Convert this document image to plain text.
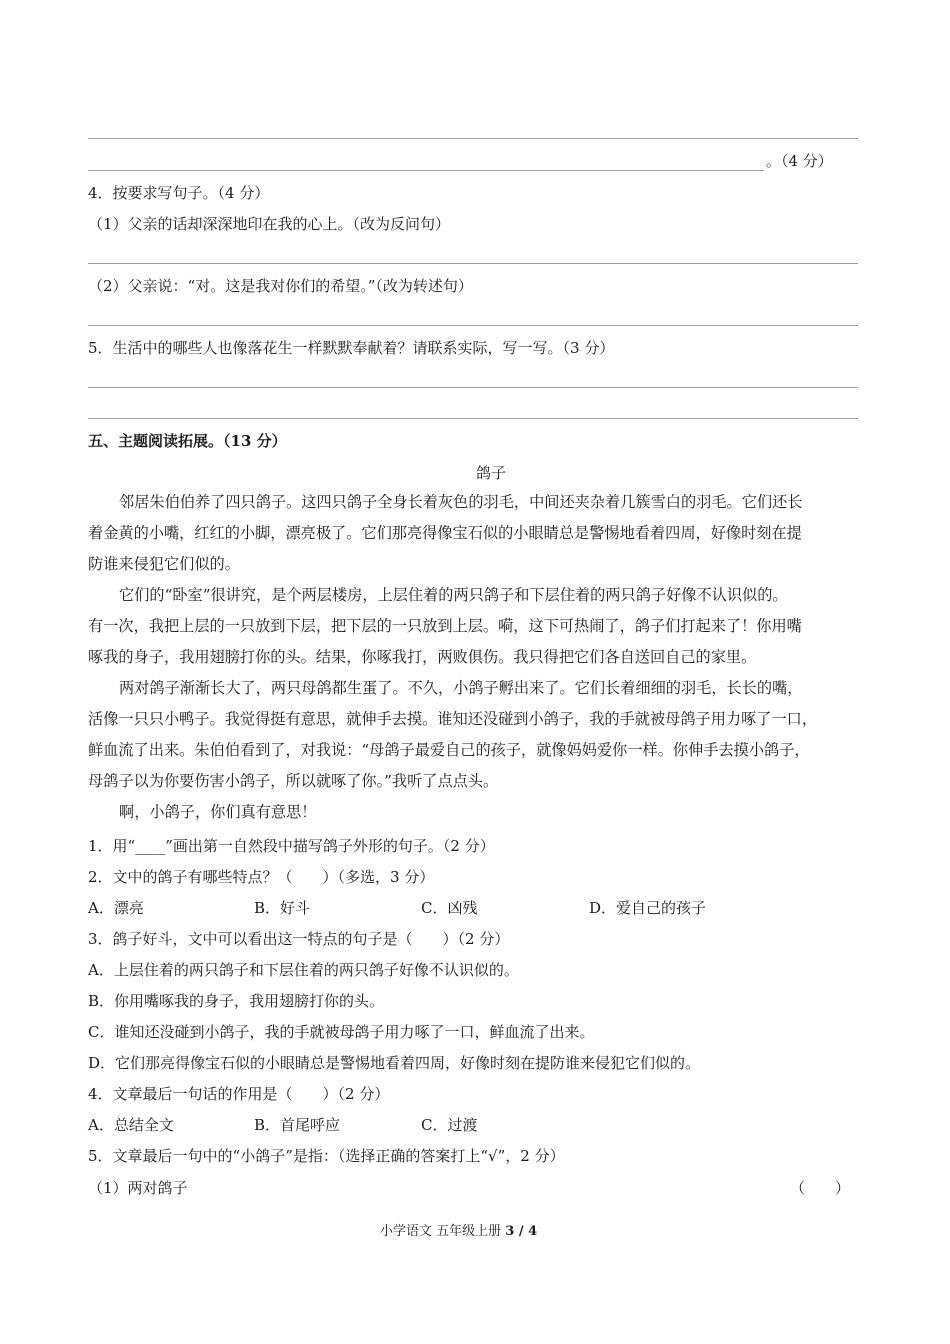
。（4 分）
4．按要求写句子。（4 分）
（1）父亲的话却深深地印在我的心上。（改为反问句）
（2）父亲说：“对。这是我对你们的希望。”（改为转述句）
5．生活中的哪些人也像落花生一样默默奉献着？请联系实际，写一写。（3 分）
五、主题阅读拓展。（13 分）
鸽子
邻居朱伯伯养了四只鸽子。这四只鸽子全身长着灰色的羽毛，中间还夹杂着几簇雪白的羽毛。它们还长
着金黄的小嘴，红红的小脚，漂亮极了。它们那亮得像宝石似的小眼睛总是警惕地看着四周，好像时刻在提
防谁来侵犯它们似的。
它们的“卧室”很讲究，是个两层楼房，上层住着的两只鸽子和下层住着的两只鸽子好像不认识似的。
有一次，我把上层的一只放到下层，把下层的一只放到上层。嗬，这下可热闹了，鸽子们打起来了！你用嘴
啄我的身子，我用翅膀打你的头。结果，你啄我打，两败俱伤。我只得把它们各自送回自己的家里。
两对鸽子渐渐长大了，两只母鸽都生蛋了。不久，小鸽子孵出来了。它们长着细细的羽毛，长长的嘴，
活像一只只小鸭子。我觉得挺有意思，就伸手去摸。谁知还没碰到小鸽子，我的手就被母鸽子用力啄了一口，
鲜血流了出来。朱伯伯看到了，对我说：“母鸽子最爱自己的孩子，就像妈妈爱你一样。你伸手去摸小鸽子，
母鸽子以为你要伤害小鸽子，所以就啄了你。”我听了点点头。
啊，小鸽子，你们真有意思！
1．用“____”画出第一自然段中描写鸽子外形的句子。（2 分）
2．文中的鸽子有哪些特点？（　　）（多选，3 分）
A．漂亮	B．好斗	C．凶残	D．爱自己的孩子
3．鸽子好斗，文中可以看出这一特点的句子是（　　）（2 分）
A．上层住着的两只鸽子和下层住着的两只鸽子好像不认识似的。
B．你用嘴啄我的身子，我用翅膀打你的头。
C．谁知还没碰到小鸽子，我的手就被母鸽子用力啄了一口，鲜血流了出来。
D．它们那亮得像宝石似的小眼睛总是警惕地看着四周，好像时刻在提防谁来侵犯它们似的。
4．文章最后一句话的作用是（　　）（2 分）
A．总结全文	B．首尾呼应	C．过渡
5．文章最后一句中的“小鸽子”是指：（选择正确的答案打上“√”，2 分）
（1）两对鸽子	（　　）
小学语文 五年级上册 3 / 4
